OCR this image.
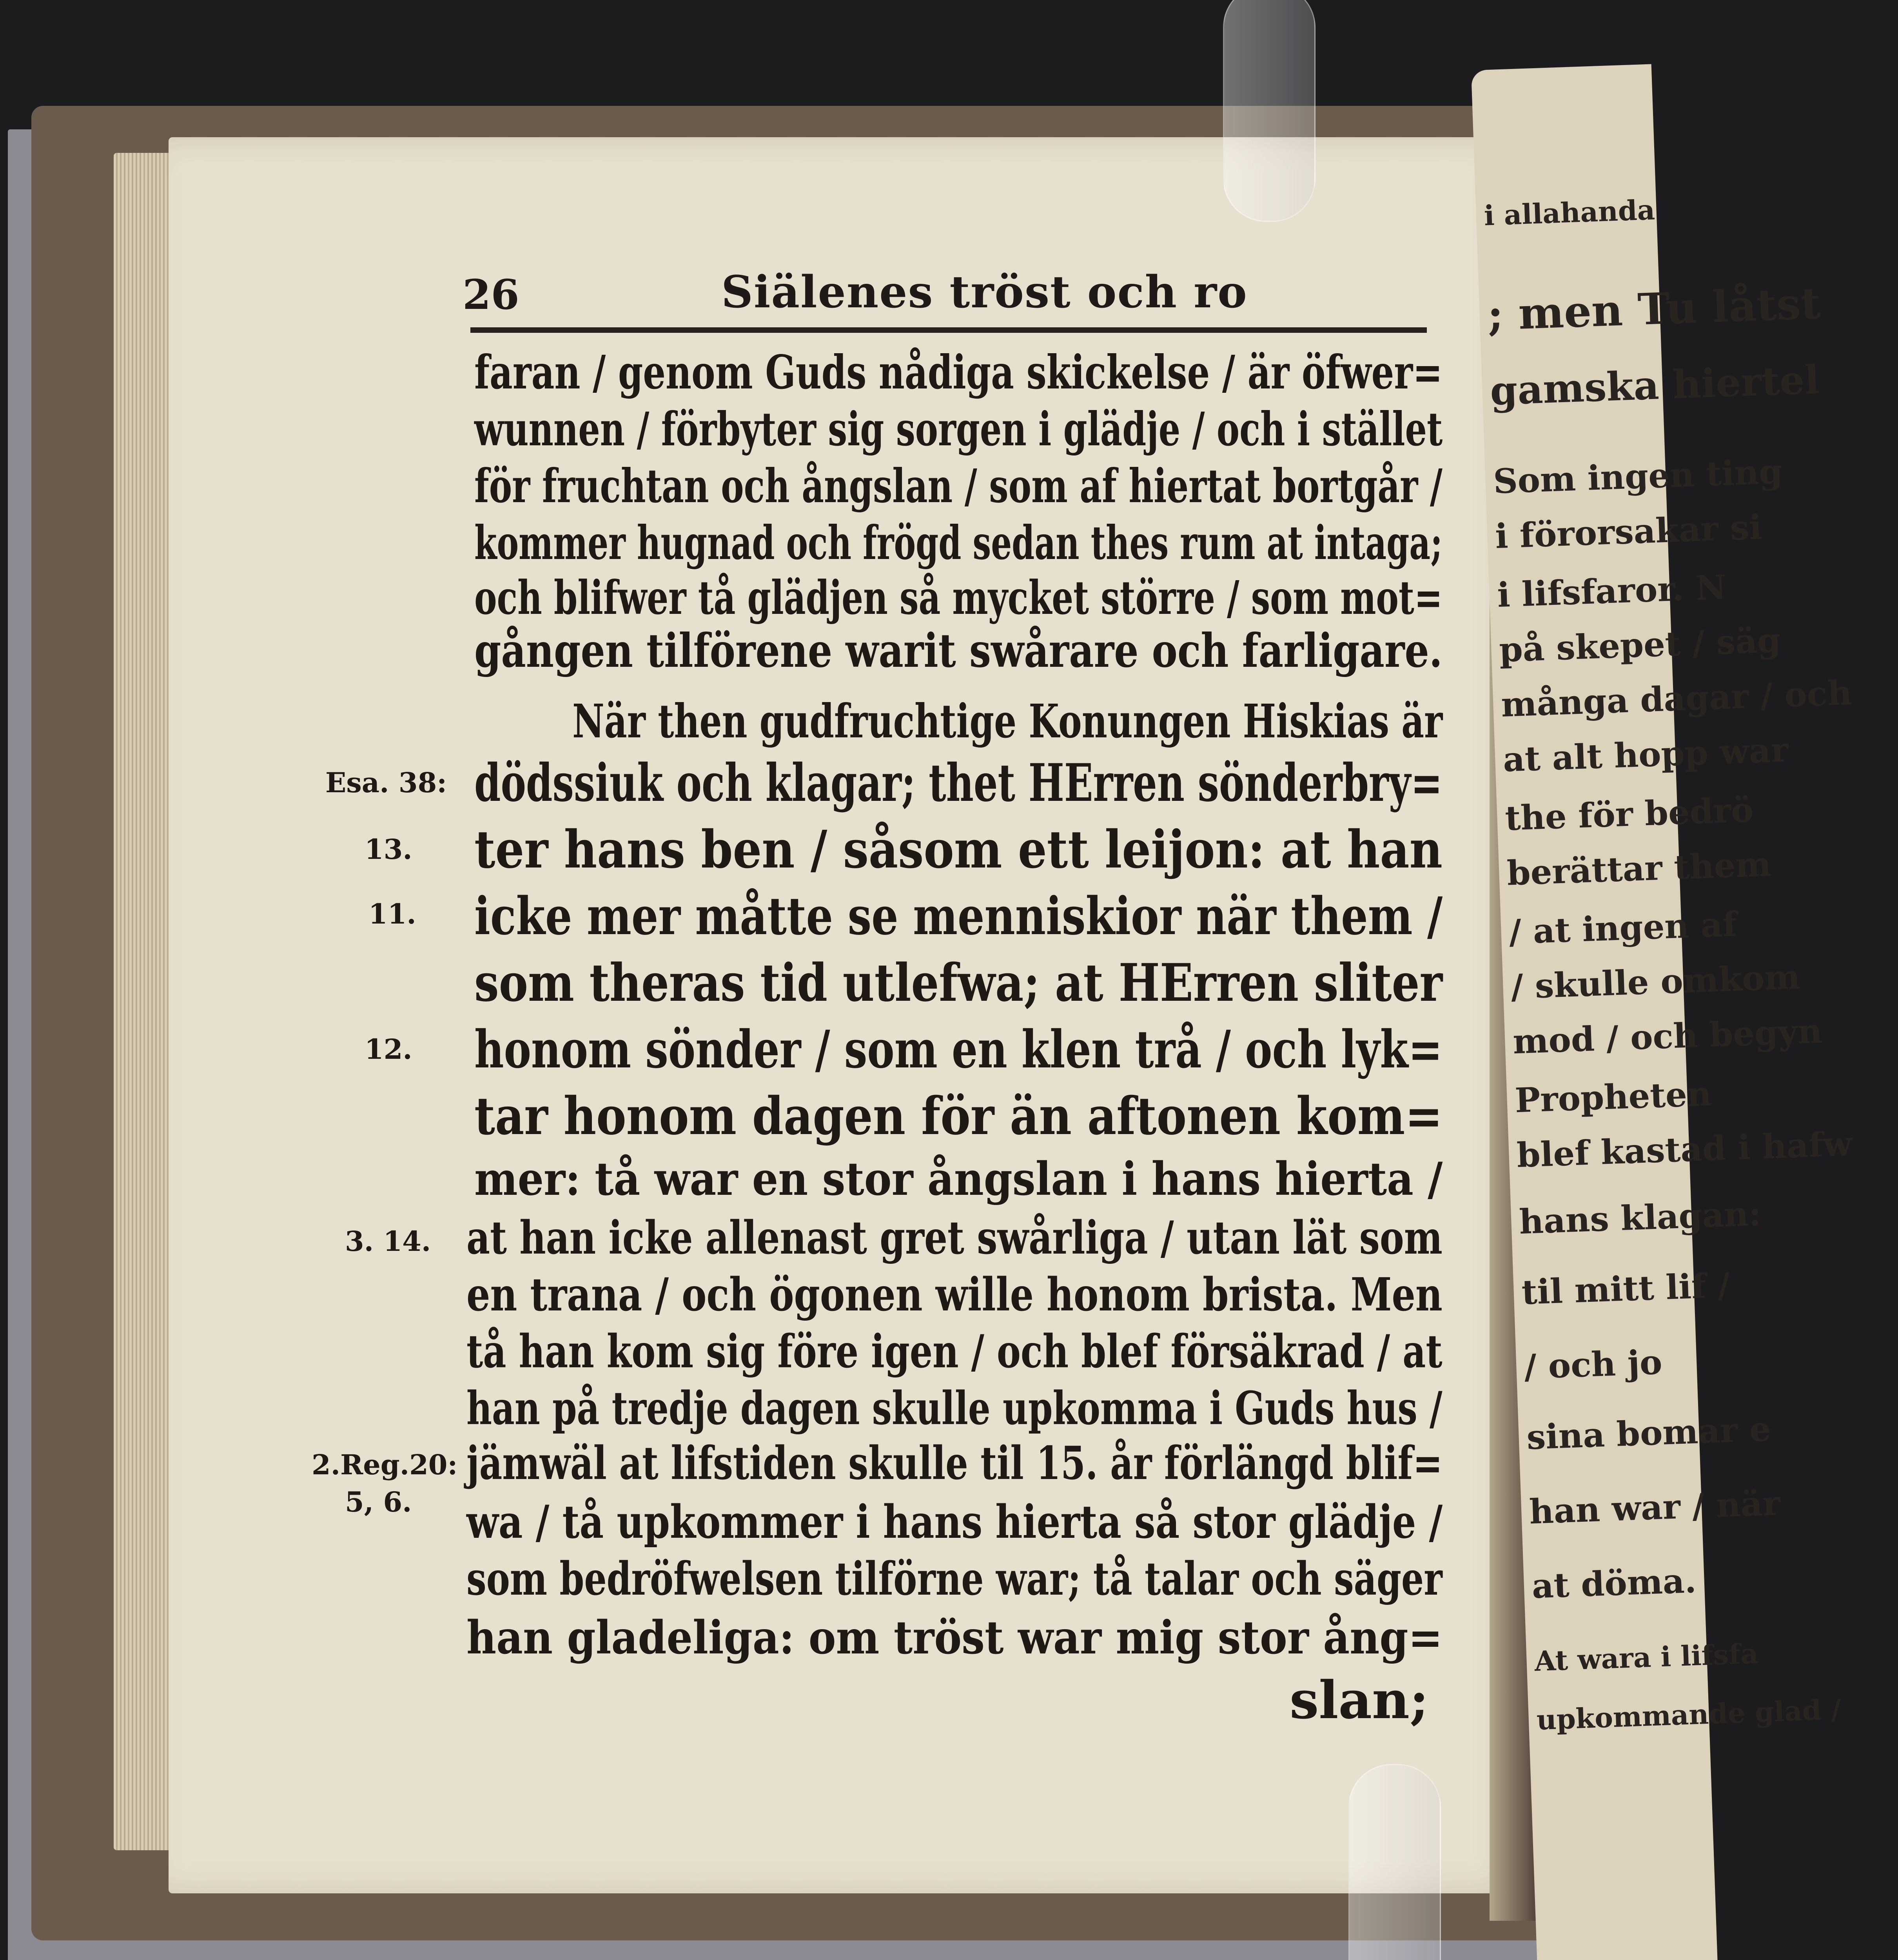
i allahanda
; men Tu låtst
gamska hiertel
Som ingen ting
i förorsakar si
i lifsfaror. N
på skepet / säg
många dagar / och
at alt hopp war
the för bedrö
berättar them
/ at ingen af
/ skulle omkom
mod / och begyn
Propheten
blef kastad i hafw
hans klagan:
til mitt lif /
/ och jo
sina bomar e
han war / när
at döma.
At wara i lifsfa
upkommande glad /
26	Siälenes tröst och ro
faran / genom Guds nådiga skickelse / är öfwer=
wunnen / förbyter sig sorgen i glädje / och i stället
för fruchtan och ångslan / som af hiertat bortgår /
kommer hugnad och frögd sedan thes rum at intaga;
och blifwer tå glädjen så mycket större / som mot=
gången tilförene warit swårare och farligare.
När then gudfruchtige Konungen Hiskias är
dödssiuk och klagar; thet HErren sönderbry=
ter hans ben / såsom ett leijon: at han
icke mer måtte se menniskior när them /
som theras tid utlefwa; at HErren sliter
honom sönder / som en klen trå / och lyk=
tar honom dagen för än aftonen kom=
mer: tå war en stor ångslan i hans hierta /
at han icke allenast gret swårliga / utan lät som
en trana / och ögonen wille honom brista. Men
tå han kom sig före igen / och blef försäkrad / at
han på tredje dagen skulle upkomma i Guds hus /
jämwäl at lifstiden skulle til 15. år förlängd blif=
wa / tå upkommer i hans hierta så stor glädje /
som bedröfwelsen tilförne war; tå talar och säger
han gladeliga: om tröst war mig stor ång=
slan;
Esa. 38:
13.
11.
12.
3. 14.
2.Reg.20:
5, 6.
